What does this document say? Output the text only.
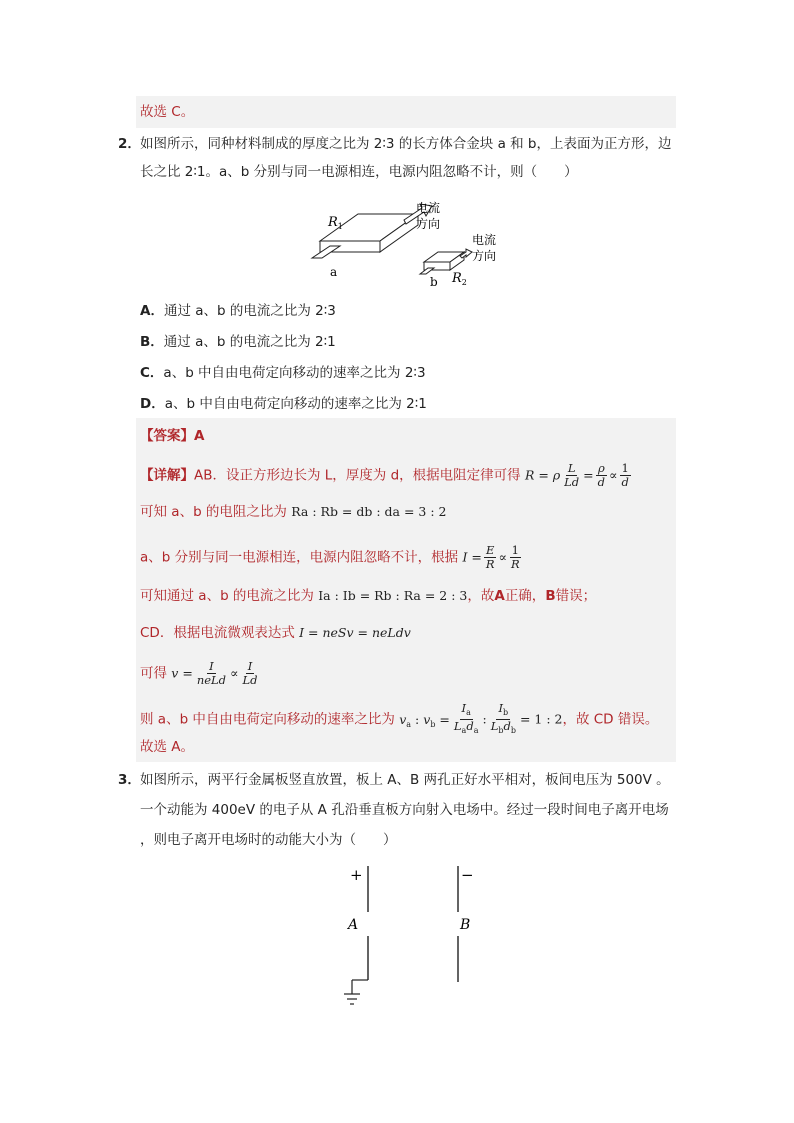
故选 C。
2． 如图所示，同种材料制成的厚度之比为 2∶3 的长方体合金块 a 和 b，上表面为正方形，边
长之比 2∶1。a、b 分别与同一电源相连，电源内阻忽略不计，则（　　）
$R_1$
a
电流
方向
b $R_2$
电流
方向
A．通过 a、b 的电流之比为 2∶3
B．通过 a、b 的电流之比为 2∶1
C．a、b 中自由电荷定向移动的速率之比为 2∶3
D．a、b 中自由电荷定向移动的速率之比为 2∶1
【答案】A
【详解】AB．设正方形边长为 L，厚度为 d，根据电阻定律可得 R = ρ $\frac{L}{Ld} = \frac{\rho}{d} \propto \frac{1}{d}$
可知 a、b 的电阻之比为 Ra : Rb = db : da = 3 : 2
a、b 分别与同一电源相连，电源内阻忽略不计，根据 $I = \frac{E}{R} \propto \frac{1}{R}$
可知通过 a、b 的电流之比为 Ia : Ib = Rb : Ra = 2 : 3，故A正确，B错误；
CD．根据电流微观表达式 I = neSv = neLdv
可得 $v = \frac{I}{\text{neLd}} \propto \frac{I}{Ld}$
则 a、b 中自由电荷定向移动的速率之比为 $v_a$ : $v_b = \frac{I_a}{L_ad_a}$ : $\frac{I_b}{L_bd_b} = 1$ : 2，故 CD 错误。
故选 A。
3． 如图所示，两平行金属板竖直放置，板上 A、B 两孔正好水平相对，板间电压为 500V 。
一个动能为 400eV 的电子从 A 孔沿垂直板方向射入电场中。经过一段时间电子离开电场
，则电子离开电场时的动能大小为（　　）
+	−
A	B
